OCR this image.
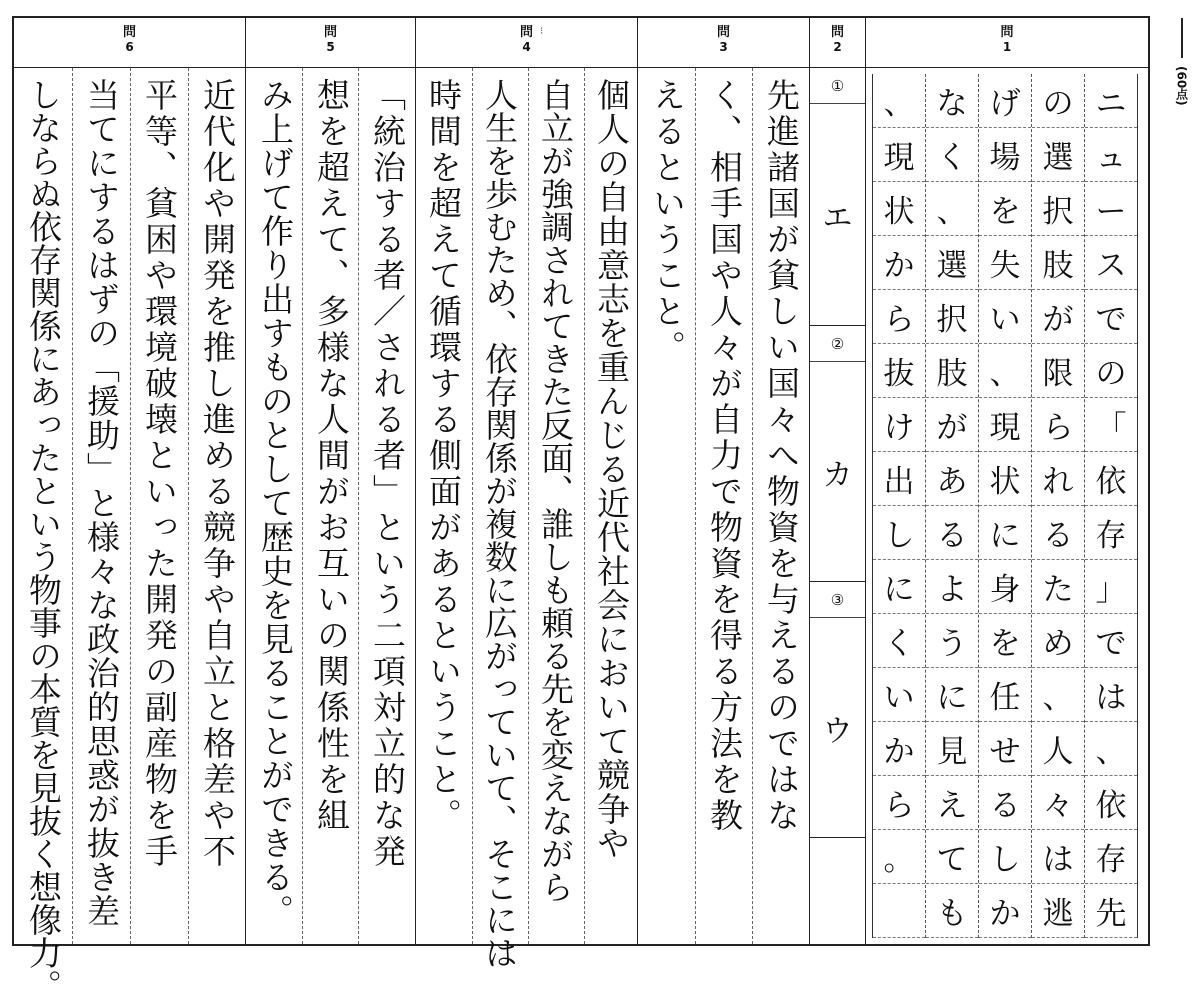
問
6
近代化や開発を推し進める競争や自立と格差や不
平等、貧困や環境破壊といった開発の副産物を手
当てにするはずの「援助」と様々な政治的思惑が抜き差
しならぬ依存関係にあったという物事の本質を見抜く想像力。
問
5
「統治する者／される者」という二項対立的な発
想を超えて、多様な人間がお互いの関係性を組
み上げて作り出すものとして歴史を見ることができる。
問
4
⁝
個人の自由意志を重んじる近代社会において競争や
自立が強調されてきた反面、誰しも頼る先を変えながら
人生を歩むため、依存関係が複数に広がっていて、そこには
時間を超えて循環する側面があるということ。
問
3
先進諸国が貧しい国々へ物資を与えるのではな
く、相手国や人々が自力で物資を得る方法を教
えるということ。
問
2
①
エ
②
カ
③
ウ
問
1
ニ
ュ
ー
ス
で
の
「
依
存
」
で
は
、
依
存
先
の
選
択
肢
が
限
ら
れ
る
た
め
、
人
々
は
逃
げ
場
を
失
い
、
現
状
に
身
を
任
せ
る
し
か
な
く
、
選
択
肢
が
あ
る
よ
う
に
見
え
て
も
、
現
状
か
ら
抜
け
出
し
に
く
い
か
ら
。
(60点)
